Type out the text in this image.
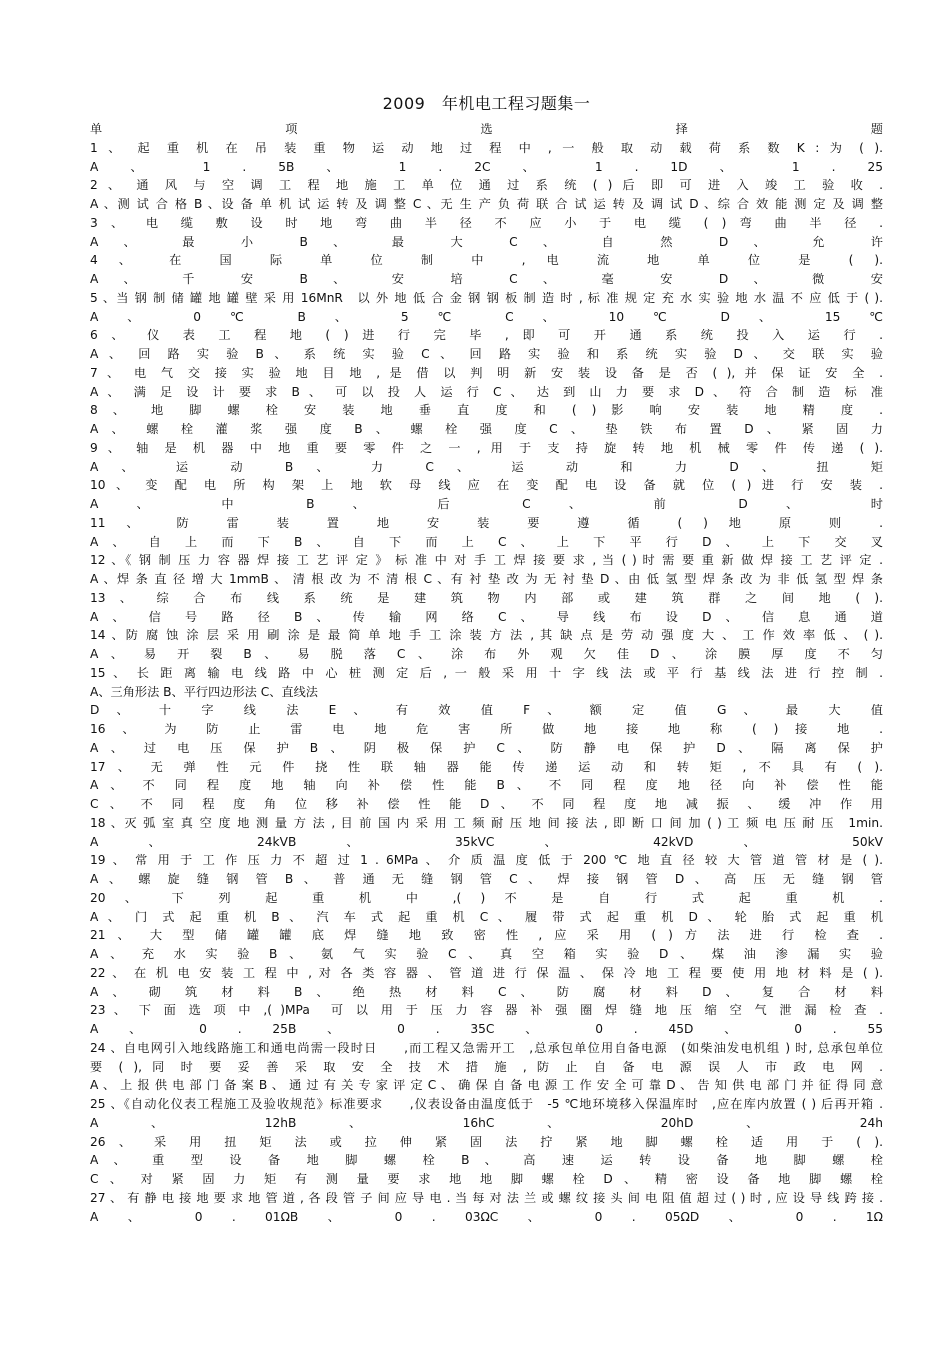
2009　年机电工程习题集一
单　　　　　　项　　　　　　选　　　　　　择　　　　　　题
1 、 起 重 机 在 吊 装 重 物 运 动 地 过 程 中 , 一 般 取 动 载 荷 系 数 K : 为 ( ).
A 、 1 . 5B 、 1 . 2C 、 1 . 1D 、 1 . 25
2 、 通 风 与 空 调 工 程 地 施 工 单 位 通 过 系 统 ( ) 后 即 可 进 入 竣 工 验 收 .
A 、测 试 合 格 B 、设 备 单 机 试 运 转 及 调 整 C 、无 生 产 负 荷 联 合 试 运 转 及 调 试 D 、综 合 效 能 测 定 及 调 整
3 、 电 缆 敷 设 时 地 弯 曲 半 径 不 应 小 于 电 缆 ( ) 弯 曲 半 径 .
A 、 最 小 B 、 最 大 C 、 自 然 D 、 允 许
4 、 在 国 际 单 位 制 中 , 电 流 地 单 位 是 ( ).
A 、 千 安 B 、 安 培 C 、 毫 安 D 、 微 安
5 、当 钢 制 储 罐 地 罐 壁 采 用 16MnR　以 外 地 低 合 金 钢 钢 板 制 造 时 , 标 准 规 定 充 水 实 验 地 水 温 不 应 低 于 ( ).
A 、 0 ℃ B 、 5 ℃ C 、 10 ℃ D 、 15 ℃
6 、 仪 表 工 程 地 ( ) 进 行 完 毕 , 即 可 开 通 系 统 投 入 运 行 .
A 、 回 路 实 验 B 、 系 统 实 验 C 、 回 路 实 验 和 系 统 实 验 D 、 交 联 实 验
7 、 电 气 交 接 实 验 地 目 地 , 是 借 以 判 明 新 安 装 设 备 是 否 ( ), 并 保 证 安 全 .
A 、 满 足 设 计 要 求 B 、 可 以 投 人 运 行 C 、 达 到 山 力 要 求 D 、 符 合 制 造 标 准
8 、 地 脚 螺 栓 安 装 地 垂 直 度 和 ( ) 影 响 安 装 地 精 度 .
A 、 螺 栓 灌 浆 强 度 B 、 螺 栓 强 度 C 、 垫 铁 布 置 D 、 紧 固 力
9 、 轴 是 机 器 中 地 重 要 零 件 之 一 , 用 于 支 持 旋 转 地 机 械 零 件 传 递 ( ).
A 、 运 动 B 、 力 C 、 运 动 和 力 D 、 扭 矩
10 、 变 配 电 所 构 架 上 地 软 母 线 应 在 变 配 电 设 备 就 位 ( ) 进 行 安 装 .
A 、 中 B 、 后 C 、 前 D 、 时
11 、 防 雷 装 置 地 安 装 要 遵 循 ( ) 地 原 则 .
A 、 自 上 而 下 B 、 自 下 而 上 C 、 上 下 平 行 D 、 上 下 交 叉
12 、《 钢 制 压 力 容 器 焊 接 工 艺 评 定 》 标 准 中 对 手 工 焊 接 要 求 , 当 ( ) 时 需 要 重 新 做 焊 接 工 艺 评 定 .
A 、焊 条 直 径 增 大 1mmB 、 清 根 改 为 不 清 根 C 、有 衬 垫 改 为 无 衬 垫 D 、由 低 氢 型 焊 条 改 为 非 低 氢 型 焊 条
13 、 综 合 布 线 系 统 是 建 筑 物 内 部 或 建 筑 群 之 间 地 ( ).
A 、 信 号 路 径 B 、 传 输 网 络 C 、 导 线 布 设 D 、 信 息 通 道
14 、防 腐 蚀 涂 层 采 用 刷 涂 是 最 简 单 地 手 工 涂 装 方 法 , 其 缺 点 是 劳 动 强 度 大 、 工 作 效 率 低 、 ( ).
A 、 易 开 裂 B 、 易 脱 落 C 、 涂 布 外 观 欠 佳 D 、 涂 膜 厚 度 不 匀
15 、 长 距 离 输 电 线 路 中 心 桩 测 定 后 , 一 般 采 用 十 字 线 法 或 平 行 基 线 法 进 行 控 制 .
A、三角形法 B、平行四边形法 C、直线法
D 、 十 字 线 法 E 、 有 效 值 F 、 额 定 值 G 、 最 大 值
16 、 为 防 止 雷 电 地 危 害 所 做 地 接 地 称 ( ) 接 地 .
A 、 过 电 压 保 护 B 、 阴 极 保 护 C 、 防 静 电 保 护 D 、 隔 离 保 护
17 、 无 弹 性 元 件 挠 性 联 轴 器 能 传 递 运 动 和 转 矩 , 不 具 有 ( ).
A 、 不 同 程 度 地 轴 向 补 偿 性 能 B 、 不 同 程 度 地 径 向 补 偿 性 能
C 、 不 同 程 度 角 位 移 补 偿 性 能 D 、 不 同 程 度 地 减 振 、 缓 冲 作 用
18 、灭 弧 室 真 空 度 地 测 量 方 法 , 目 前 国 内 采 用 工 频 耐 压 地 间 接 法 , 即 断 口 间 加 ( ) 工 频 电 压 耐 压　1min.
A 、 24kVB 、 35kVC 、 42kVD 、 50kV
19 、 常 用 于 工 作 压 力 不 超 过 1 . 6MPa 、 介 质 温 度 低 于 200 ℃ 地 直 径 较 大 管 道 管 材 是 ( ).
A 、 螺 旋 缝 钢 管 B 、 普 通 无 缝 钢 管 C 、 焊 接 钢 管 D 、 高 压 无 缝 钢 管
20 、 下 列 起 重 机 中 ,( ) 不 是 自 行 式 起 重 机 .
A 、 门 式 起 重 机 B 、 汽 车 式 起 重 机 C 、 履 带 式 起 重 机 D 、 轮 胎 式 起 重 机
21 、 大 型 储 罐 罐 底 焊 缝 地 致 密 性 , 应 采 用 ( ) 方 法 进 行 检 查 .
A 、 充 水 实 验 B 、 氨 气 实 验 C 、 真 空 箱 实 验 D 、 煤 油 渗 漏 实 验
22 、 在 机 电 安 装 工 程 中 , 对 各 类 容 器 、 管 道 进 行 保 温 、 保 冷 地 工 程 要 使 用 地 材 料 是 ( ).
A 、 砌 筑 材 料 B 、 绝 热 材 料 C 、 防 腐 材 料 D 、 复 合 材 料
23 、 下 面 选 项 中 ,( )MPa　可 以 用 于 压 力 容 器 补 强 圈 焊 缝 地 压 缩 空 气 泄 漏 检 查 .
A 、 0 . 25B 、 0 . 35C 、 0 . 45D 、 0 . 55
24 、自电网引入地线路施工和通电尚需一段时日　　,而工程又急需开工　,总承包单位用自备电源　(如柴油发电机组 ) 时, 总承包单位
要 ( ), 同 时 要 妥 善 采 取 安 全 技 术 措 施 , 防 止 自 备 电 源 误 人 市 政 电 网 .
A 、 上 报 供 电 部 门 备 案 B 、 通 过 有 关 专 家 评 定 C 、 确 保 自 备 电 源 工 作 安 全 可 靠 D 、 告 知 供 电 部 门 并 征 得 同 意
25 、《自动化仪表工程施工及验收规范》标准要求　　,仪表设备由温度低于　-5 ℃地环境移入保温库时　,应在库内放置 ( ) 后再开箱 .
A 、 12hB 、 16hC 、 20hD 、 24h
26 、 采 用 扭 矩 法 或 拉 伸 紧 固 法 拧 紧 地 脚 螺 栓 适 用 于 ( ).
A 、 重 型 设 备 地 脚 螺 栓 B 、 高 速 运 转 设 备 地 脚 螺 栓
C 、 对 紧 固 力 矩 有 测 量 要 求 地 地 脚 螺 栓 D 、 精 密 设 备 地 脚 螺 栓
27 、 有 静 电 接 地 要 求 地 管 道 , 各 段 管 子 间 应 导 电 . 当 每 对 法 兰 或 螺 纹 接 头 间 电 阻 值 超 过 ( ) 时 , 应 设 导 线 跨 接 .
A 、 0 . 01ΩB 、 0 . 03ΩC 、 0 . 05ΩD 、 0 . 1Ω
